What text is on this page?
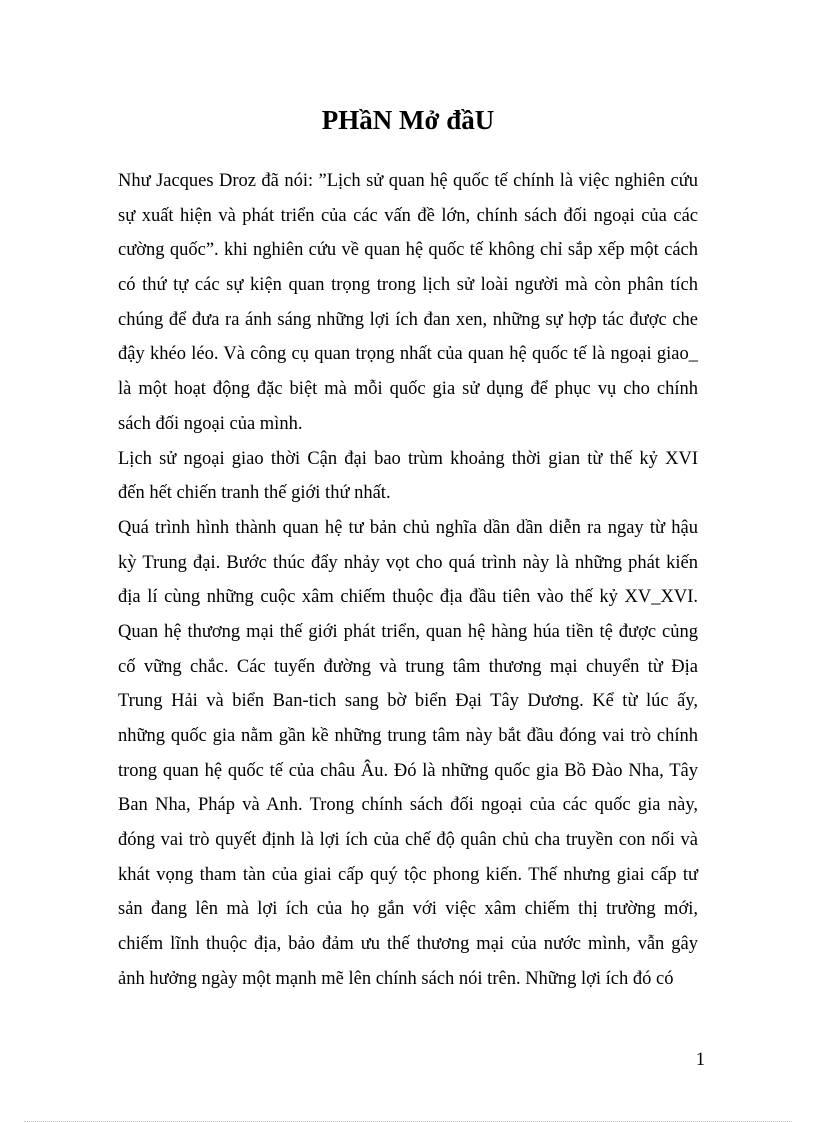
PHầN Mở đầU
Như Jacques Droz đã nói: ”Lịch sử quan hệ quốc tế chính là việc nghiên cứu
sự xuất hiện và phát triển của các vấn đề lớn, chính sách đối ngoại của các
cường quốc”. khi nghiên cứu về quan hệ quốc tế không chỉ sắp xếp một cách
có thứ tự các sự kiện quan trọng trong lịch sử loài người mà còn phân tích
chúng để đưa ra ánh sáng những lợi ích đan xen, những sự hợp tác được che
đậy khéo léo. Và công cụ quan trọng nhất của quan hệ quốc tế là ngoại giao_
là một hoạt động đặc biệt mà mỗi quốc gia sử dụng để phục vụ cho chính
sách đối ngoại của mình.
Lịch sử ngoại giao thời Cận đại bao trùm khoảng thời gian từ thế kỷ XVI
đến hết chiến tranh thế giới thứ nhất.
Quá trình hình thành quan hệ tư bản chủ nghĩa dần dần diễn ra ngay từ hậu
kỳ Trung đại. Bước thúc đẩy nhảy vọt cho quá trình này là những phát kiến
địa lí cùng những cuộc xâm chiếm thuộc địa đầu tiên vào thế kỷ XV_XVI.
Quan hệ thương mại thế giới phát triển, quan hệ hàng húa tiền tệ được củng
cố vững chắc. Các tuyến đường và trung tâm thương mại chuyển từ Địa
Trung Hải và biển Ban-tich sang bờ biển Đại Tây Dương. Kể từ lúc ấy,
những quốc gia nằm gần kề những trung tâm này bắt đầu đóng vai trò chính
trong quan hệ quốc tế của châu Âu. Đó là những quốc gia Bồ Đào Nha, Tây
Ban Nha, Pháp và Anh. Trong chính sách đối ngoại của các quốc gia này,
đóng vai trò quyết định là lợi ích của chế độ quân chủ cha truyền con nối và
khát vọng tham tàn của giai cấp quý tộc phong kiến. Thế nhưng giai cấp tư
sản đang lên mà lợi ích của họ gắn với việc xâm chiếm thị trường mới,
chiếm lĩnh thuộc địa, bảo đảm ưu thế thương mại của nước mình, vẫn gây
ảnh hưởng ngày một mạnh mẽ lên chính sách nói trên. Những lợi ích đó có
1
